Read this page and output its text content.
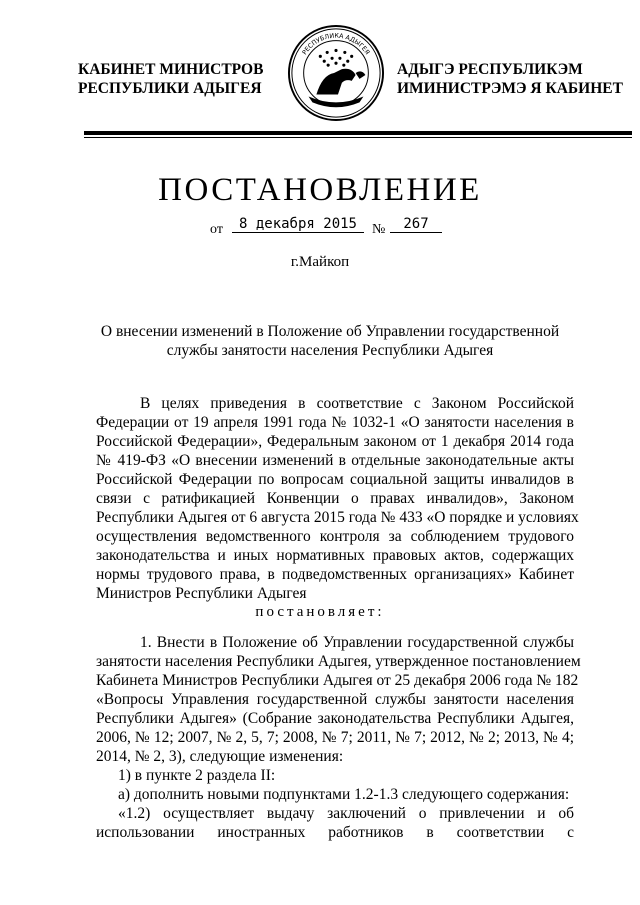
КАБИНЕТ МИНИСТРОВ
РЕСПУБЛИКИ АДЫГЕЯ
РЕСПУБЛИКА АДЫГЕЯ
АДЫГЭ РЕСПУБЛИКЭМ
ИМИНИСТРЭМЭ Я КАБИНЕТ
ПОСТАНОВЛЕНИЕ
от	8 декабря 2015	№	267
г.Майкоп
О внесении изменений в Положение об Управлении государственной
службы занятости населения Республики Адыгея
В целях приведения в соответствие с Законом Российской
Федерации от 19 апреля 1991 года № 1032-1 «О занятости населения в
Российской Федерации», Федеральным законом от 1 декабря 2014 года
№ 419-ФЗ «О внесении изменений в отдельные законодательные акты
Российской Федерации по вопросам социальной защиты инвалидов в
связи с ратификацией Конвенции о правах инвалидов», Законом
Республики Адыгея от 6 августа 2015 года № 433 «О порядке и условиях
осуществления ведомственного контроля за соблюдением трудового
законодательства и иных нормативных правовых актов, содержащих
нормы трудового права, в подведомственных организациях» Кабинет
Министров Республики Адыгея
постановляет:
1. Внести в Положение об Управлении государственной службы
занятости населения Республики Адыгея, утвержденное постановлением
Кабинета Министров Республики Адыгея от 25 декабря 2006 года № 182
«Вопросы Управления государственной службы занятости населения
Республики Адыгея» (Собрание законодательства Республики Адыгея,
2006, № 12; 2007, № 2, 5, 7; 2008, № 7; 2011, № 7; 2012, № 2; 2013, № 4;
2014, № 2, 3), следующие изменения:
1) в пункте 2 раздела II:
а) дополнить новыми подпунктами 1.2-1.3 следующего содержания:
«1.2) осуществляет выдачу заключений о привлечении и об
использовании иностранных работников в соответствии с
